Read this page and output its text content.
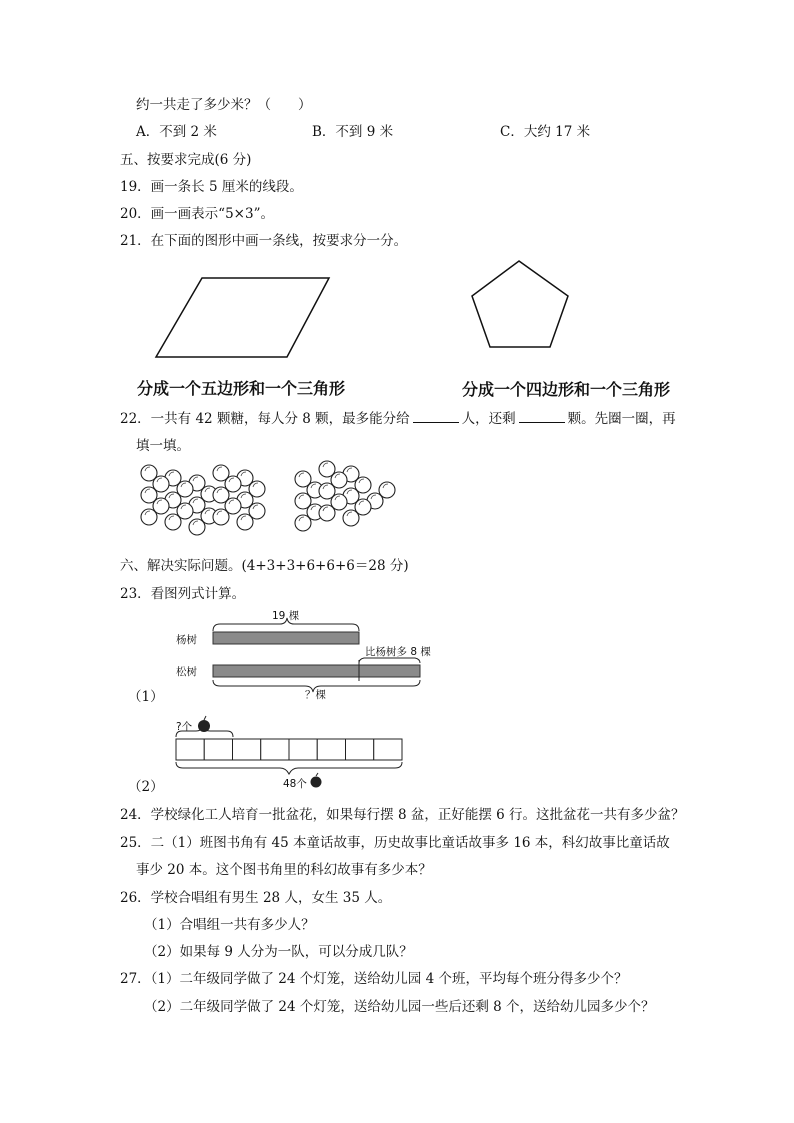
约一共走了多少米？（　　）
A．不到 2 米	B．不到 9 米	C．大约 17 米
五、按要求完成(6 分)
19．画一条长 5 厘米的线段。
20．画一画表示“5×3”。
21．在下面的图形中画一条线，按要求分一分。
分成一个五边形和一个三角形	分成一个四边形和一个三角形
22．一共有 42 颗糖，每人分 8 颗，最多能分给	人，还剩	颗。先圈一圈，再
填一填。
六、解决实际问题。(4+3+3+6+6+6＝28 分)
23．看图列式计算。
19 棵
杨树
松树
比杨树多 8 棵
？棵
（1）
?个
48个
（2）
24．学校绿化工人培育一批盆花，如果每行摆 8 盆，正好能摆 6 行。这批盆花一共有多少盆？
25．二（1）班图书角有 45 本童话故事，历史故事比童话故事多 16 本，科幻故事比童话故
事少 20 本。这个图书角里的科幻故事有多少本？
26．学校合唱组有男生 28 人，女生 35 人。
（1）合唱组一共有多少人？
（2）如果每 9 人分为一队，可以分成几队？
27．（1）二年级同学做了 24 个灯笼，送给幼儿园 4 个班，平均每个班分得多少个？
（2）二年级同学做了 24 个灯笼，送给幼儿园一些后还剩 8 个，送给幼儿园多少个？
